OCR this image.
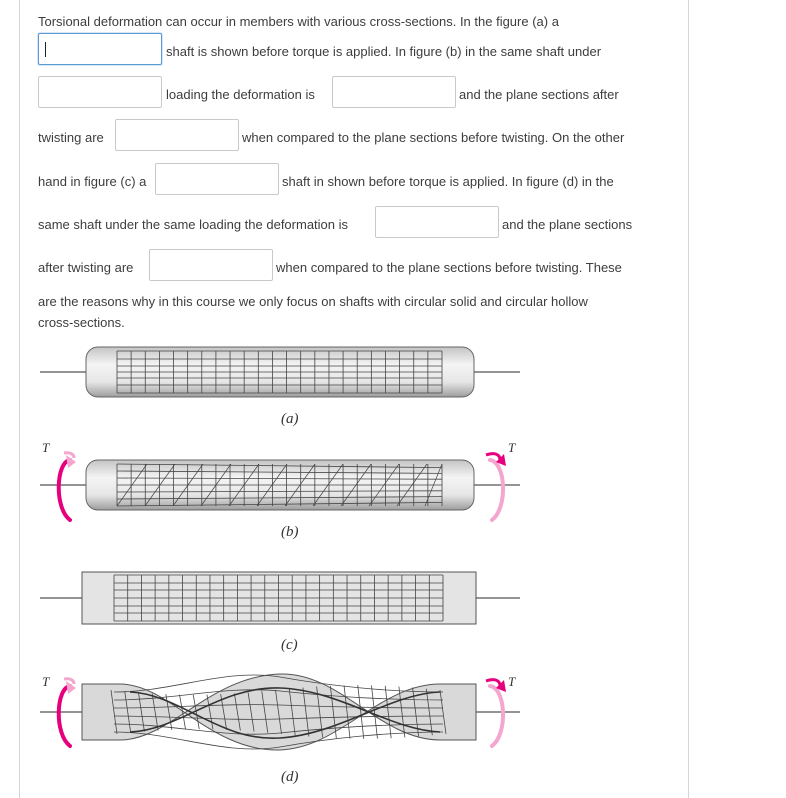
Torsional deformation can occur in members with various cross-sections. In the figure (a) a
shaft is shown before torque is applied. In figure (b) in the same shaft under
loading the deformation is	and the plane sections after
twisting are	when compared to the plane sections before twisting. On the other
hand in figure (c) a	shaft in shown before torque is applied. In figure (d) in the
same shaft under the same loading the deformation is	and the plane sections
after twisting are	when compared to the plane sections before twisting. These
are the reasons why in this course we only focus on shafts with circular solid and circular hollow
cross-sections.
(a)
(b)
(c)
(d)
T	T
T	T
